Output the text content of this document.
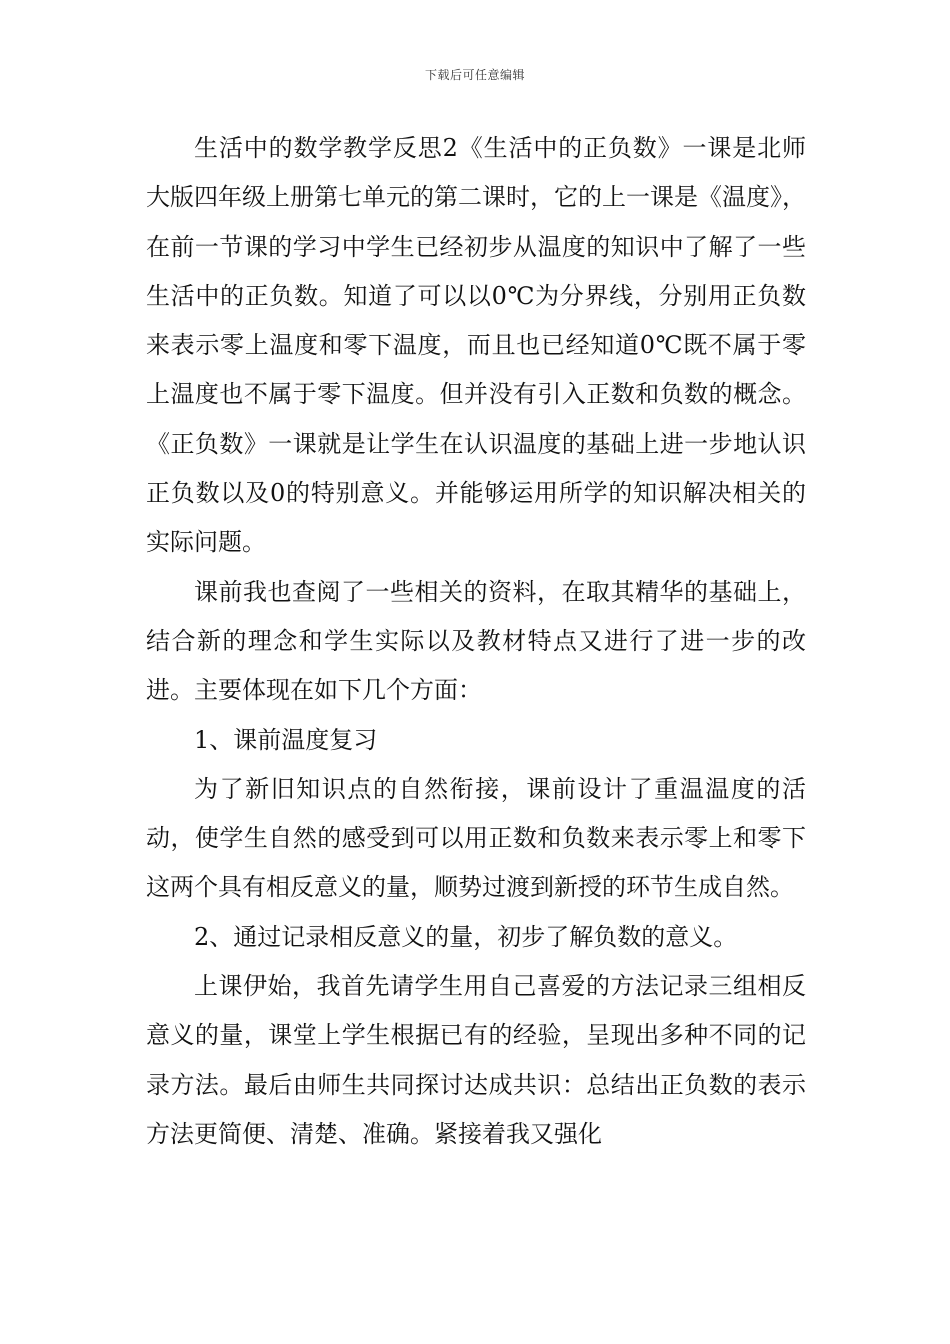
下载后可任意编辑

生活中的数学教学反思2《生活中的正负数》一课是北师大版四年级上册第七单元的第二课时，它的上一课是《温度》，在前一节课的学习中学生已经初步从温度的知识中了解了一些生活中的正负数。知道了可以以0℃为分界线，分别用正负数来表示零上温度和零下温度，而且也已经知道0℃既不属于零上温度也不属于零下温度。但并没有引入正数和负数的概念。《正负数》一课就是让学生在认识温度的基础上进一步地认识正负数以及0的特别意义。并能够运用所学的知识解决相关的实际问题。

课前我也查阅了一些相关的资料，在取其精华的基础上，结合新的理念和学生实际以及教材特点又进行了进一步的改进。主要体现在如下几个方面：

1、课前温度复习

为了新旧知识点的自然衔接，课前设计了重温温度的活动，使学生自然的感受到可以用正数和负数来表示零上和零下这两个具有相反意义的量，顺势过渡到新授的环节生成自然。

2、通过记录相反意义的量，初步了解负数的意义。

上课伊始，我首先请学生用自己喜爱的方法记录三组相反意义的量，课堂上学生根据已有的经验，呈现出多种不同的记录方法。最后由师生共同探讨达成共识：总结出正负数的表示方法更简便、清楚、准确。紧接着我又强化
